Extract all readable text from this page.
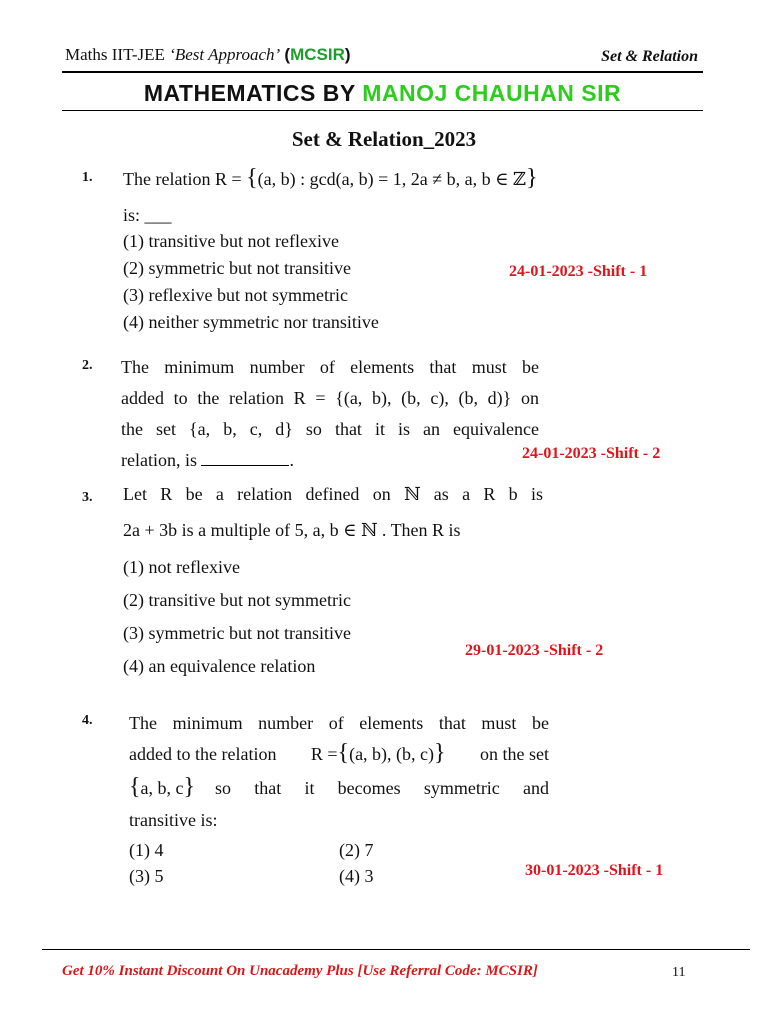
Maths IIT-JEE ‘Best Approach’ (MCSIR)	Set & Relation
MATHEMATICS BY MANOJ CHAUHAN SIR
Set & Relation_2023
1. The relation R = {(a, b) : gcd(a, b) = 1, 2a ≠ b, a, b ∈ ℤ}
is: ___
(1) transitive but not reflexive
(2) symmetric but not transitive
(3) reflexive but not symmetric
(4) neither symmetric nor transitive
24-01-2023 -Shift - 1
2. The minimum number of elements that must be
added to the relation R = {(a, b), (b, c), (b, d)} on
the set {a, b, c, d} so that it is an equivalence
relation, is	.	24-01-2023 -Shift - 2
3. Let R be a relation defined on ℕ as a R b is
2a + 3b is a multiple of 5, a, b ∈ ℕ . Then R is
(1) not reflexive
(2) transitive but not symmetric
(3) symmetric but not transitive
(4) an equivalence relation
29-01-2023 -Shift - 2
4. The minimum number of elements that must be
added to the relation R ={(a, b), (b, c)} on the set
{a, b, c} so that it becomes symmetric and
transitive is:
(1) 4	(2) 7
(3) 5	(4) 3	30-01-2023 -Shift - 1
Get 10% Instant Discount On Unacademy Plus [Use Referral Code: MCSIR]	11
